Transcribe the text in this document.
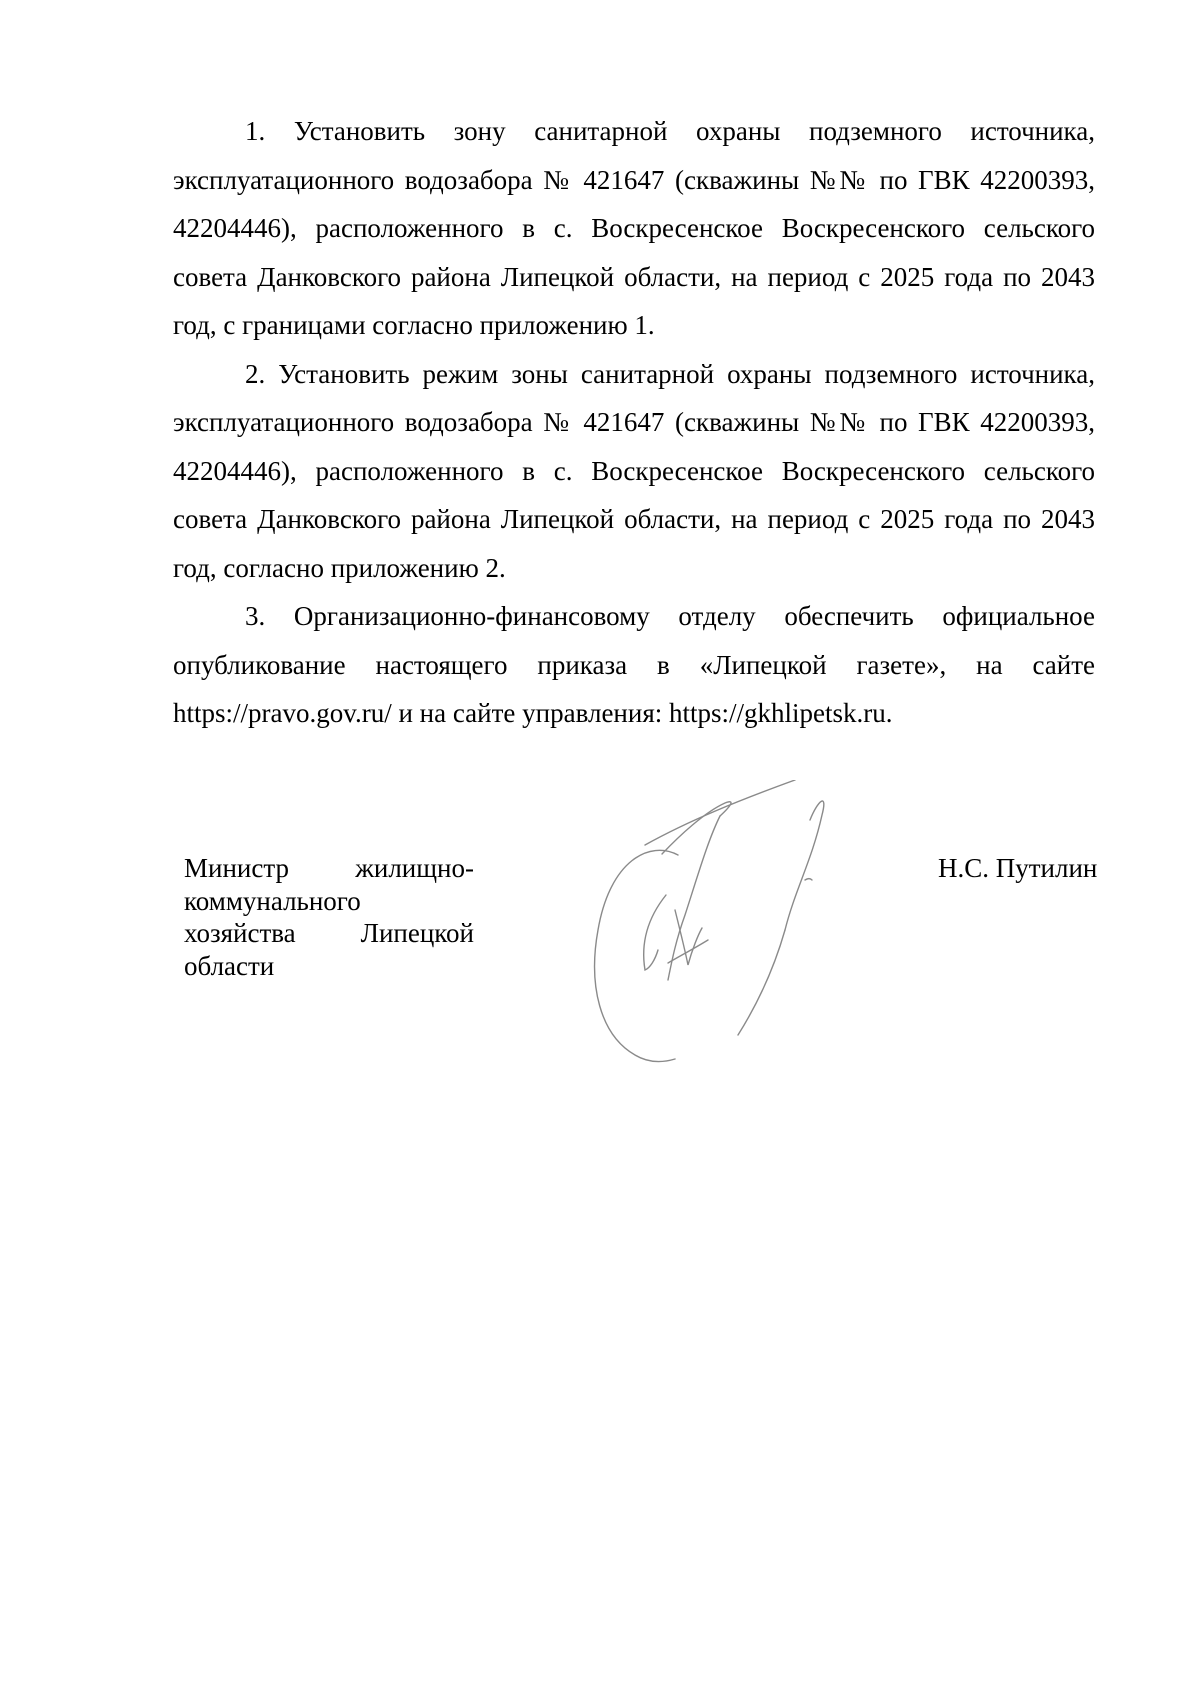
1. Установить зону санитарной охраны подземного источника, эксплуатационного водозабора № 421647 (скважины №№ по ГВК 42200393, 42204446), расположенного в с. Воскресенское Воскресенского сельского совета Данковского района Липецкой области, на период с 2025 года по 2043 год, с границами согласно приложению 1.

2. Установить режим зоны санитарной охраны подземного источника, эксплуатационного водозабора № 421647 (скважины №№ по ГВК 42200393, 42204446), расположенного в с. Воскресенское Воскресенского сельского совета Данковского района Липецкой области, на период с 2025 года по 2043 год, согласно приложению 2.

3. Организационно-финансовому отделу обеспечить официальное опубликование настоящего приказа в «Липецкой газете», на сайте https://pravo.gov.ru/ и на сайте управления: https://gkhlipetsk.ru.

Министр жилищно-коммунального хозяйства Липецкой области
Н.С. Путилин
